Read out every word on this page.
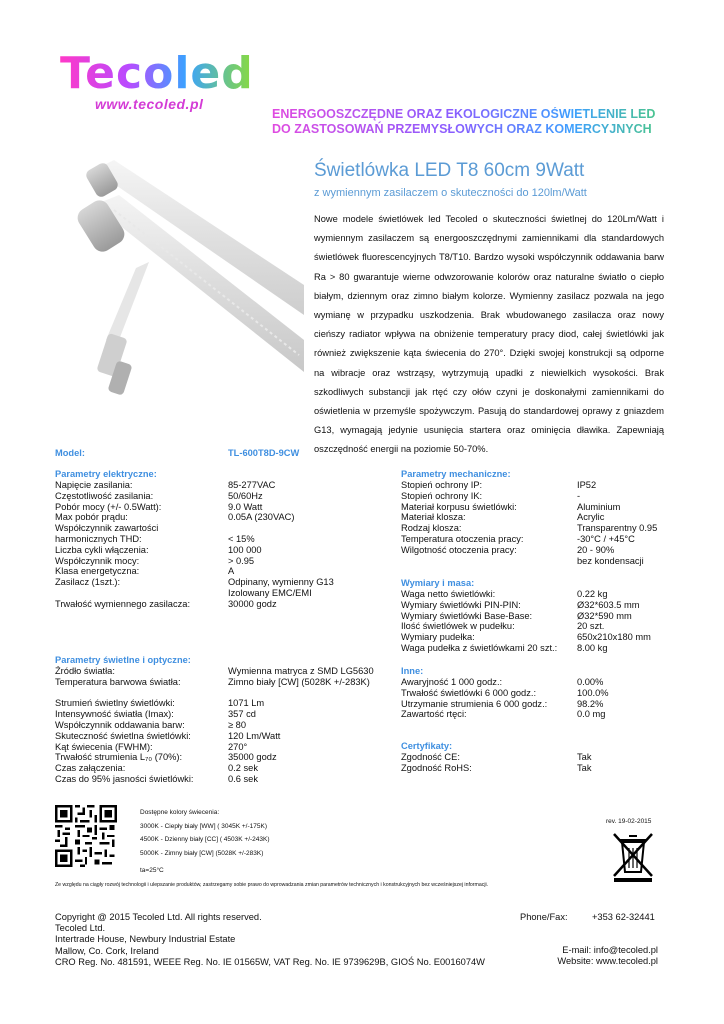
Tecoled
www.tecoled.pl
ENERGOOSZCZĘDNE ORAZ EKOLOGICZNE OŚWIETLENIE LED
DO ZASTOSOWAŃ PRZEMYSŁOWYCH ORAZ KOMERCYJNYCH
Świetlówka LED T8 60cm 9Watt
z wymiennym zasilaczem o skuteczności do 120lm/Watt
Nowe modele świetlówek led Tecoled o skuteczności świetlnej do 120Lm/Watt i wymiennym zasilaczem są energooszczędnymi zamiennikami dla standardowych świetlówek fluorescencyjnych T8/T10. Bardzo wysoki współczynnik oddawania barw Ra > 80 gwarantuje wierne odwzorowanie kolorów oraz naturalne światło o ciepło białym, dziennym oraz zimno białym kolorze. Wymienny zasilacz pozwala na jego wymianę w przypadku uszkodzenia. Brak wbudowanego zasilacza oraz nowy cieńszy radiator wpływa na obniżenie temperatury pracy diod, całej świetlówki jak również zwiększenie kąta świecenia do 270°. Dzięki swojej konstrukcji są odporne na wibracje oraz wstrząsy, wytrzymują upadki z niewielkich wysokości. Brak szkodliwych substancji jak rtęć czy ołów czyni je doskonałymi zamiennikami do oświetlenia w przemyśle spożywczym. Pasują do standardowej oprawy z gniazdem G13, wymagają jedynie usunięcia startera oraz ominięcia dławika. Zapewniają oszczędność energii na poziomie 50-70%.
Model:	TL-600T8D-9CW
Parametry elektryczne:
Napięcie zasilania:	85-277VAC
Częstotliwość zasilania:	50/60Hz
Pobór mocy (+/- 0.5Watt):	9.0 Watt
Max pobór prądu:	0.05A (230VAC)
Współczynnik zawartości
harmonicznych THD:	< 15%
Liczba cykli włączenia:	100 000
Współczynnik mocy:	> 0.95
Klasa energetyczna:	A
Zasilacz (1szt.):	Odpinany, wymienny G13
Izolowany EMC/EMI
Trwałość wymiennego zasilacza:	30000 godz
Parametry świetlne i optyczne:
Źródło światła:	Wymienna matryca z SMD LG5630
Temperatura barwowa światła:	Zimno biały [CW] (5028K +/-283K)
Strumień świetlny świetlówki:	1071 Lm
Intensywność światła (Imax):	357 cd
Współczynnik oddawania barw:	≥ 80
Skuteczność świetlna świetlówki:	120 Lm/Watt
Kąt świecenia (FWHM):	270°
Trwałość strumienia L₇₀ (70%):	35000 godz
Czas załączenia:	0.2 sek
Czas do 95% jasności świetlówki:	0.6 sek
Parametry mechaniczne:
Stopień ochrony IP:	IP52
Stopień ochrony IK:	-
Materiał korpusu świetlówki:	Aluminium
Materiał klosza:	Acrylic
Rodzaj klosza:	Transparentny 0.95
Temperatura otoczenia pracy:	-30°C / +45°C
Wilgotność otoczenia pracy:	20 - 90%
bez kondensacji
Wymiary i masa:
Waga netto świetlówki:	0.22 kg
Wymiary świetlówki PIN-PIN:	Ø32*603.5 mm
Wymiary świetlówki Base-Base:	Ø32*590 mm
Ilość świetlówek w pudełku:	20 szt.
Wymiary pudełka:	650x210x180 mm
Waga pudełka z świetlówkami 20 szt.: 8.00 kg
Inne:
Awaryjność 1 000 godz.:	0.00%
Trwałość świetlówki 6 000 godz.:	100.0%
Utrzymanie strumienia 6 000 godz.:	98.2%
Zawartość rtęci:	0.0 mg
Certyfikaty:
Zgodność CE:	Tak
Zgodność RoHS:	Tak
Dostępne kolory świecenia:
3000K - Ciepły biały [WW] ( 3045K +/-175K)
4500K - Dzienny biały [CC] ( 4503K +/-243K)
5000K - Zimny biały [CW] (5028K +/-283K)
ta=25°C
rev. 19-02-2015
Ze względu na ciągły rozwój technologii i ulepszanie produktów, zastrzegamy sobie prawo do wprowadzania zmian parametrów technicznych i konstrukcyjnych bez wcześniejszej informacji.
Copyright @ 2015 Tecoled Ltd. All rights reserved.
Tecoled Ltd.
Intertrade House, Newbury Industrial Estate
Mallow, Co. Cork, Ireland
CRO Reg. No. 481591, WEEE Reg. No. IE 01565W, VAT Reg. No. IE 9739629B, GIOŚ No. E0016074W
Phone/Fax:	+353 62-32441
E-mail: info@tecoled.pl
Website: www.tecoled.pl
